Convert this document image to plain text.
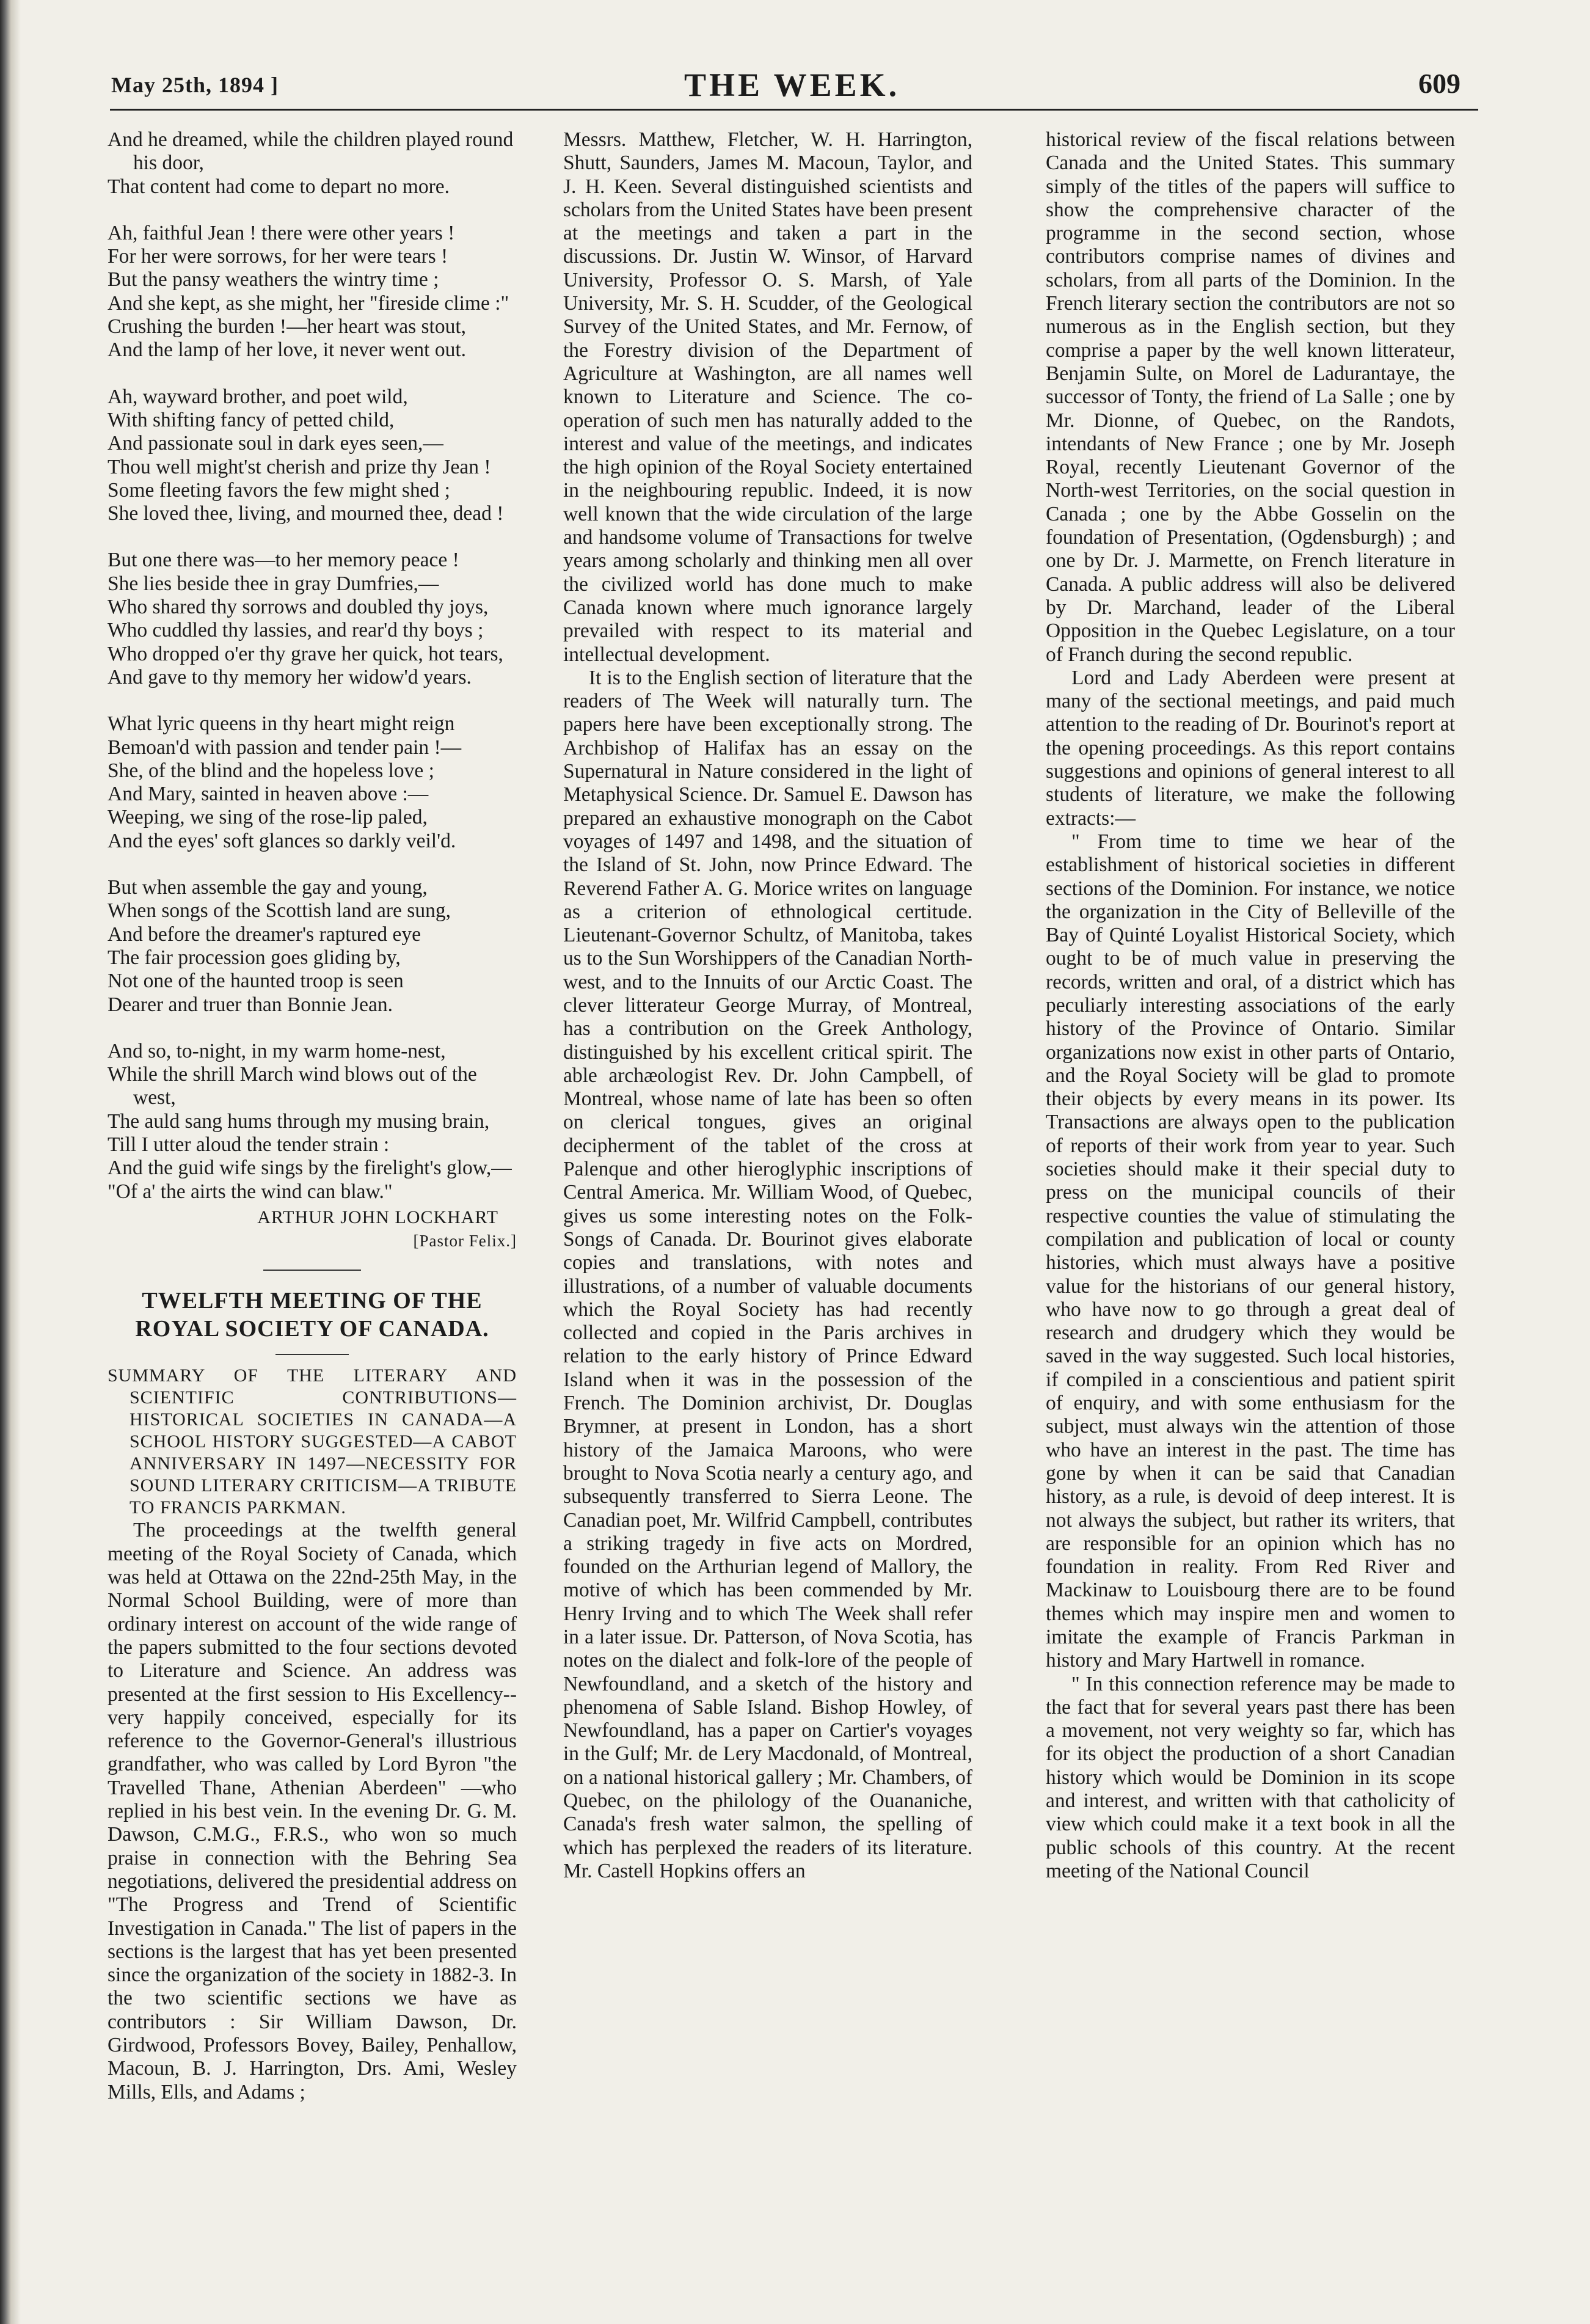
May 25th, 1894 ]	THE WEEK.	609
And he dreamed, while the children played round his door,
That content had come to depart no more.
Ah, faithful Jean ! there were other years !
For her were sorrows, for her were tears !
But the pansy weathers the wintry time ;
And she kept, as she might, her "fireside clime :"
Crushing the burden !—her heart was stout,
And the lamp of her love, it never went out.
Ah, wayward brother, and poet wild,
With shifting fancy of petted child,
And passionate soul in dark eyes seen,—
Thou well might'st cherish and prize thy Jean !
Some fleeting favors the few might shed ;
She loved thee, living, and mourned thee, dead !
But one there was—to her memory peace !
She lies beside thee in gray Dumfries,—
Who shared thy sorrows and doubled thy joys,
Who cuddled thy lassies, and rear'd thy boys ;
Who dropped o'er thy grave her quick, hot tears,
And gave to thy memory her widow'd years.
What lyric queens in thy heart might reign
Bemoan'd with passion and tender pain !—
She, of the blind and the hopeless love ;
And Mary, sainted in heaven above :—
Weeping, we sing of the rose-lip paled,
And the eyes' soft glances so darkly veil'd.
But when assemble the gay and young,
When songs of the Scottish land are sung,
And before the dreamer's raptured eye
The fair procession goes gliding by,
Not one of the haunted troop is seen
Dearer and truer than Bonnie Jean.
And so, to-night, in my warm home-nest,
While the shrill March wind blows out of the west,
The auld sang hums through my musing brain,
Till I utter aloud the tender strain :
And the guid wife sings by the firelight's glow,—
"Of a' the airts the wind can blaw."
ARTHUR JOHN LOCKHART
[Pastor Felix.]

TWELFTH MEETING OF THE ROYAL SOCIETY OF CANADA.

SUMMARY OF THE LITERARY AND SCIENTIFIC CONTRIBUTIONS—HISTORICAL SOCIETIES IN CANADA—A SCHOOL HISTORY SUGGESTED—A CABOT ANNIVERSARY IN 1497—NECESSITY FOR SOUND LITERARY CRITICISM—A TRIBUTE TO FRANCIS PARKMAN.

The proceedings at the twelfth general meeting of the Royal Society of Canada, which was held at Ottawa on the 22nd-25th May, in the Normal School Building, were of more than ordinary interest on account of the wide range of the papers submitted to the four sections devoted to Literature and Science. An address was presented at the first session to His Excellency--very happily conceived, especially for its reference to the Governor-General's illustrious grandfather, who was called by Lord Byron "the Travelled Thane, Athenian Aberdeen" —who replied in his best vein. In the evening Dr. G. M. Dawson, C.M.G., F.R.S., who won so much praise in connection with the Behring Sea negotiations, delivered the presidential address on "The Progress and Trend of Scientific Investigation in Canada." The list of papers in the sections is the largest that has yet been presented since the organization of the society in 1882-3. In the two scientific sections we have as contributors : Sir William Dawson, Dr. Girdwood, Professors Bovey, Bailey, Penhallow, Macoun, B. J. Harrington, Drs. Ami, Wesley Mills, Ells, and Adams ;

Messrs. Matthew, Fletcher, W. H. Harrington, Shutt, Saunders, James M. Macoun, Taylor, and J. H. Keen. Several distinguished scientists and scholars from the United States have been present at the meetings and taken a part in the discussions. Dr. Justin W. Winsor, of Harvard University, Professor O. S. Marsh, of Yale University, Mr. S. H. Scudder, of the Geological Survey of the United States, and Mr. Fernow, of the Forestry division of the Department of Agriculture at Washington, are all names well known to Literature and Science. The co-operation of such men has naturally added to the interest and value of the meetings, and indicates the high opinion of the Royal Society entertained in the neighbouring republic. Indeed, it is now well known that the wide circulation of the large and handsome volume of Transactions for twelve years among scholarly and thinking men all over the civilized world has done much to make Canada known where much ignorance largely prevailed with respect to its material and intellectual development.

It is to the English section of literature that the readers of The Week will naturally turn. The papers here have been exceptionally strong. The Archbishop of Halifax has an essay on the Supernatural in Nature considered in the light of Metaphysical Science. Dr. Samuel E. Dawson has prepared an exhaustive monograph on the Cabot voyages of 1497 and 1498, and the situation of the Island of St. John, now Prince Edward. The Reverend Father A. G. Morice writes on language as a criterion of ethnological certitude. Lieutenant-Governor Schultz, of Manitoba, takes us to the Sun Worshippers of the Canadian North-west, and to the Innuits of our Arctic Coast. The clever litterateur George Murray, of Montreal, has a contribution on the Greek Anthology, distinguished by his excellent critical spirit. The able archæologist Rev. Dr. John Campbell, of Montreal, whose name of late has been so often on clerical tongues, gives an original decipherment of the tablet of the cross at Palenque and other hieroglyphic inscriptions of Central America. Mr. William Wood, of Quebec, gives us some interesting notes on the Folk-Songs of Canada. Dr. Bourinot gives elaborate copies and translations, with notes and illustrations, of a number of valuable documents which the Royal Society has had recently collected and copied in the Paris archives in relation to the early history of Prince Edward Island when it was in the possession of the French. The Dominion archivist, Dr. Douglas Brymner, at present in London, has a short history of the Jamaica Maroons, who were brought to Nova Scotia nearly a century ago, and subsequently transferred to Sierra Leone. The Canadian poet, Mr. Wilfrid Campbell, contributes a striking tragedy in five acts on Mordred, founded on the Arthurian legend of Mallory, the motive of which has been commended by Mr. Henry Irving and to which The Week shall refer in a later issue. Dr. Patterson, of Nova Scotia, has notes on the dialect and folk-lore of the people of Newfoundland, and a sketch of the history and phenomena of Sable Island. Bishop Howley, of Newfoundland, has a paper on Cartier's voyages in the Gulf; Mr. de Lery Macdonald, of Montreal, on a national historical gallery ; Mr. Chambers, of Quebec, on the philology of the Ouananiche, Canada's fresh water salmon, the spelling of which has perplexed the readers of its literature. Mr. Castell Hopkins offers an

historical review of the fiscal relations between Canada and the United States. This summary simply of the titles of the papers will suffice to show the comprehensive character of the programme in the second section, whose contributors comprise names of divines and scholars, from all parts of the Dominion. In the French literary section the contributors are not so numerous as in the English section, but they comprise a paper by the well known litterateur, Benjamin Sulte, on Morel de Ladurantaye, the successor of Tonty, the friend of La Salle ; one by Mr. Dionne, of Quebec, on the Randots, intendants of New France ; one by Mr. Joseph Royal, recently Lieutenant Governor of the North-west Territories, on the social question in Canada ; one by the Abbe Gosselin on the foundation of Presentation, (Ogdensburgh) ; and one by Dr. J. Marmette, on French literature in Canada. A public address will also be delivered by Dr. Marchand, leader of the Liberal Opposition in the Quebec Legislature, on a tour of Franch during the second republic.

Lord and Lady Aberdeen were present at many of the sectional meetings, and paid much attention to the reading of Dr. Bourinot's report at the opening proceedings. As this report contains suggestions and opinions of general interest to all students of literature, we make the following extracts:—

" From time to time we hear of the establishment of historical societies in different sections of the Dominion. For instance, we notice the organization in the City of Belleville of the Bay of Quinté Loyalist Historical Society, which ought to be of much value in preserving the records, written and oral, of a district which has peculiarly interesting associations of the early history of the Province of Ontario. Similar organizations now exist in other parts of Ontario, and the Royal Society will be glad to promote their objects by every means in its power. Its Transactions are always open to the publication of reports of their work from year to year. Such societies should make it their special duty to press on the municipal councils of their respective counties the value of stimulating the compilation and publication of local or county histories, which must always have a positive value for the historians of our general history, who have now to go through a great deal of research and drudgery which they would be saved in the way suggested. Such local histories, if compiled in a conscientious and patient spirit of enquiry, and with some enthusiasm for the subject, must always win the attention of those who have an interest in the past. The time has gone by when it can be said that Canadian history, as a rule, is devoid of deep interest. It is not always the subject, but rather its writers, that are responsible for an opinion which has no foundation in reality. From Red River and Mackinaw to Louisbourg there are to be found themes which may inspire men and women to imitate the example of Francis Parkman in history and Mary Hartwell in romance.

" In this connection reference may be made to the fact that for several years past there has been a movement, not very weighty so far, which has for its object the production of a short Canadian history which would be Dominion in its scope and interest, and written with that catholicity of view which could make it a text book in all the public schools of this country. At the recent meeting of the National Council
